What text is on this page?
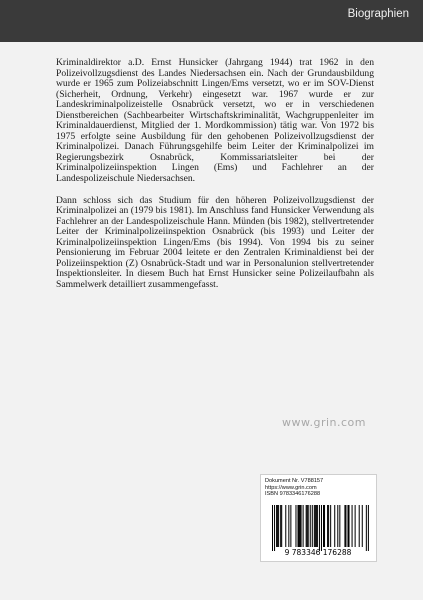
Biographien

Kriminaldirektor a.D. Ernst Hunsicker (Jahrgang 1944) trat 1962 in den Polizeivollzugsdienst des Landes Niedersachsen ein. Nach der Grundausbildung wurde er 1965 zum Polizeiabschnitt Lingen/Ems versetzt, wo er im SOV-Dienst (Sicherheit, Ordnung, Verkehr) eingesetzt war. 1967 wurde er zur Landeskriminalpolizeistelle Osnabrück versetzt, wo er in verschiedenen Dienstbereichen (Sachbearbeiter Wirtschaftskriminalität, Wachgruppenleiter im Kriminaldauerdienst, Mitglied der 1. Mordkommission) tätig war. Von 1972 bis 1975 erfolgte seine Ausbildung für den gehobenen Polizeivollzugsdienst der Kriminalpolizei. Danach Führungsgehilfe beim Leiter der Kriminalpolizei im Regierungsbezirk Osnabrück, Kommissariatsleiter bei der Kriminalpolizeiinspektion Lingen (Ems) und Fachlehrer an der Landespolizeischule Niedersachsen.

Dann schloss sich das Studium für den höheren Polizeivollzugsdienst der Kriminalpolizei an (1979 bis 1981). Im Anschluss fand Hunsicker Verwendung als Fachlehrer an der Landespolizeischule Hann. Münden (bis 1982), stellvertretender Leiter der Kriminalpolizeiinspektion Osnabrück (bis 1993) und Leiter der Kriminalpolizeiinspektion Lingen/Ems (bis 1994). Von 1994 bis zu seiner Pensionierung im Februar 2004 leitete er den Zentralen Kriminaldienst bei der Polizeiinspektion (Z) Osnabrück-Stadt und war in Personalunion stellvertretender Inspektionsleiter. In diesem Buch hat Ernst Hunsicker seine Polizeilaufbahn als Sammelwerk detailliert zusammengefasst.

www.grin.com
Dokument Nr. V788157
https://www.grin.com
ISBN 9783346176288
9 783346 176288
